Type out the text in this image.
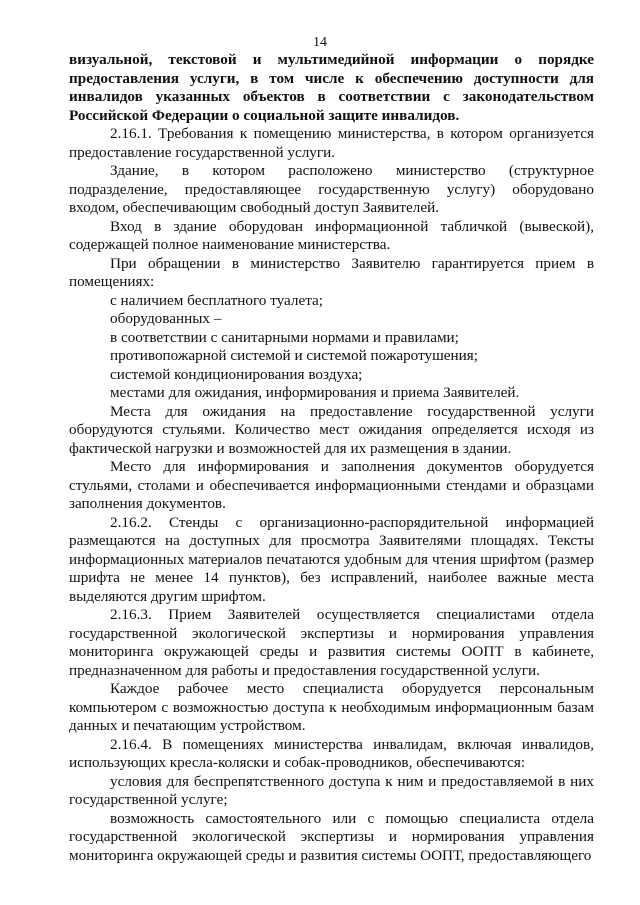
14

визуальной, текстовой и мультимедийной информации о порядке предоставления услуги, в том числе к обеспечению доступности для инвалидов указанных объектов в соответствии с законодательством Российской Федерации о социальной защите инвалидов.

2.16.1. Требования к помещению министерства, в котором организуется предоставление государственной услуги.

Здание, в котором расположено министерство (структурное подразделение, предоставляющее государственную услугу) оборудовано входом, обеспечивающим свободный доступ Заявителей.

Вход в здание оборудован информационной табличкой (вывеской), содержащей полное наименование министерства.

При обращении в министерство Заявителю гарантируется прием в помещениях:

с наличием бесплатного туалета;

оборудованных –

в соответствии с санитарными нормами и правилами;

противопожарной системой и системой пожаротушения;

системой кондиционирования воздуха;

местами для ожидания, информирования и приема Заявителей.

Места для ожидания на предоставление государственной услуги оборудуются стульями. Количество мест ожидания определяется исходя из фактической нагрузки и возможностей для их размещения в здании.

Место для информирования и заполнения документов оборудуется стульями, столами и обеспечивается информационными стендами и образцами заполнения документов.

2.16.2. Стенды с организационно-распорядительной информацией размещаются на доступных для просмотра Заявителями площадях. Тексты информационных материалов печатаются удобным для чтения шрифтом (размер шрифта не менее 14 пунктов), без исправлений, наиболее важные места выделяются другим шрифтом.

2.16.3. Прием Заявителей осуществляется специалистами отдела государственной экологической экспертизы и нормирования управления мониторинга окружающей среды и развития системы ООПТ в кабинете, предназначенном для работы и предоставления государственной услуги.

Каждое рабочее место специалиста оборудуется персональным компьютером с возможностью доступа к необходимым информационным базам данных и печатающим устройством.

2.16.4. В помещениях министерства инвалидам, включая инвалидов, использующих кресла-коляски и собак-проводников, обеспечиваются:

условия для беспрепятственного доступа к ним и предоставляемой в них государственной услуге;

возможность самостоятельного или с помощью специалиста отдела государственной экологической экспертизы и нормирования управления мониторинга окружающей среды и развития системы ООПТ, предоставляющего
